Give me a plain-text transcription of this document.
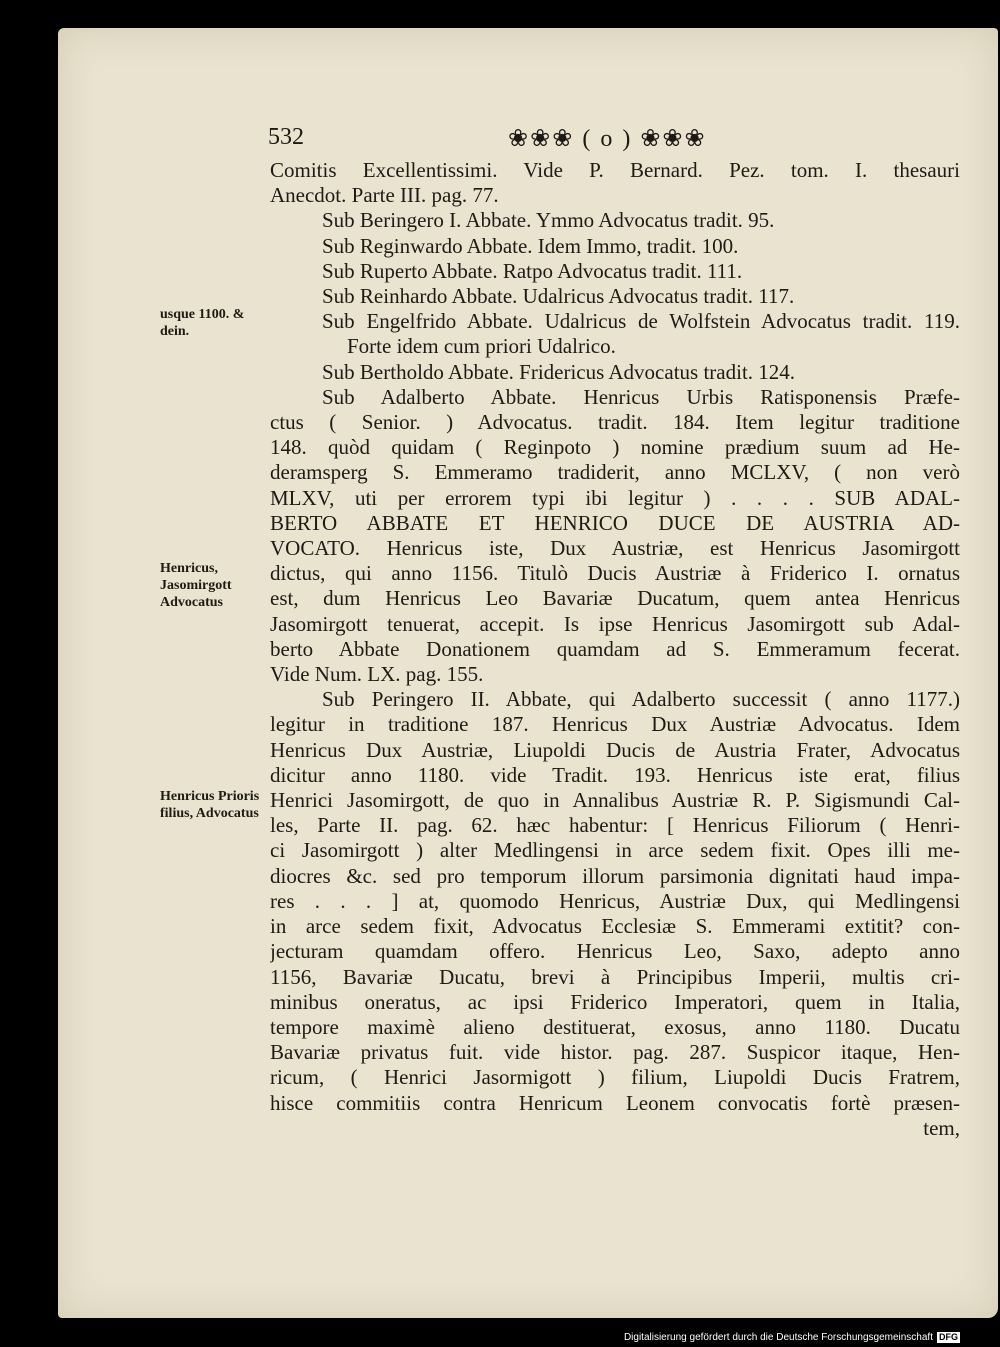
532	❀❀❀ ( o ) ❀❀❀
usque 1100. & dein.
Henricus, Jasomirgott Advocatus
Henricus Prioris filius, Advocatus
Comitis Excellentissimi. Vide P. Bernard. Pez. tom. I. thesauri
Anecdot. Parte III. pag. 77.
Sub Beringero I. Abbate. Ymmo Advocatus tradit. 95.
Sub Reginwardo Abbate. Idem Immo, tradit. 100.
Sub Ruperto Abbate. Ratpo Advocatus tradit. 111.
Sub Reinhardo Abbate. Udalricus Advocatus tradit. 117.
Sub Engelfrido Abbate. Udalricus de Wolfstein Advocatus tradit. 119.
Forte idem cum priori Udalrico.
Sub Bertholdo Abbate. Fridericus Advocatus tradit. 124.
Sub Adalberto Abbate. Henricus Urbis Ratisponensis Præfe-
ctus ( Senior. ) Advocatus. tradit. 184. Item legitur traditione
148. quòd quidam ( Reginpoto ) nomine prædium suum ad He-
deramsperg S. Emmeramo tradiderit, anno MCLXV, ( non verò
MLXV, uti per errorem typi ibi legitur ) . . . . SUB ADAL-
BERTO ABBATE ET HENRICO DUCE DE AUSTRIA AD-
VOCATO. Henricus iste, Dux Austriæ, est Henricus Jasomirgott
dictus, qui anno 1156. Titulò Ducis Austriæ à Friderico I. ornatus
est, dum Henricus Leo Bavariæ Ducatum, quem antea Henricus
Jasomirgott tenuerat, accepit. Is ipse Henricus Jasomirgott sub Adal-
berto Abbate Donationem quamdam ad S. Emmeramum fecerat.
Vide Num. LX. pag. 155.
Sub Peringero II. Abbate, qui Adalberto successit ( anno 1177.)
legitur in traditione 187. Henricus Dux Austriæ Advocatus. Idem
Henricus Dux Austriæ, Liupoldi Ducis de Austria Frater, Advocatus
dicitur anno 1180. vide Tradit. 193. Henricus iste erat, filius
Henrici Jasomirgott, de quo in Annalibus Austriæ R. P. Sigismundi Cal-
les, Parte II. pag. 62. hæc habentur: [ Henricus Filiorum ( Henri-
ci Jasomirgott ) alter Medlingensi in arce sedem fixit. Opes illi me-
diocres &c. sed pro temporum illorum parsimonia dignitati haud impa-
res . . . ] at, quomodo Henricus, Austriæ Dux, qui Medlingensi
in arce sedem fixit, Advocatus Ecclesiæ S. Emmerami extitit? con-
jecturam quamdam offero. Henricus Leo, Saxo, adepto anno
1156, Bavariæ Ducatu, brevi à Principibus Imperii, multis cri-
minibus oneratus, ac ipsi Friderico Imperatori, quem in Italia,
tempore maximè alieno destituerat, exosus, anno 1180. Ducatu
Bavariæ privatus fuit. vide histor. pag. 287. Suspicor itaque, Hen-
ricum, ( Henrici Jasormigott ) filium, Liupoldi Ducis Fratrem,
hisce commitiis contra Henricum Leonem convocatis fortè præsen-
tem,
Digitalisierung gefördert durch die Deutsche Forschungsgemeinschaft DFG
